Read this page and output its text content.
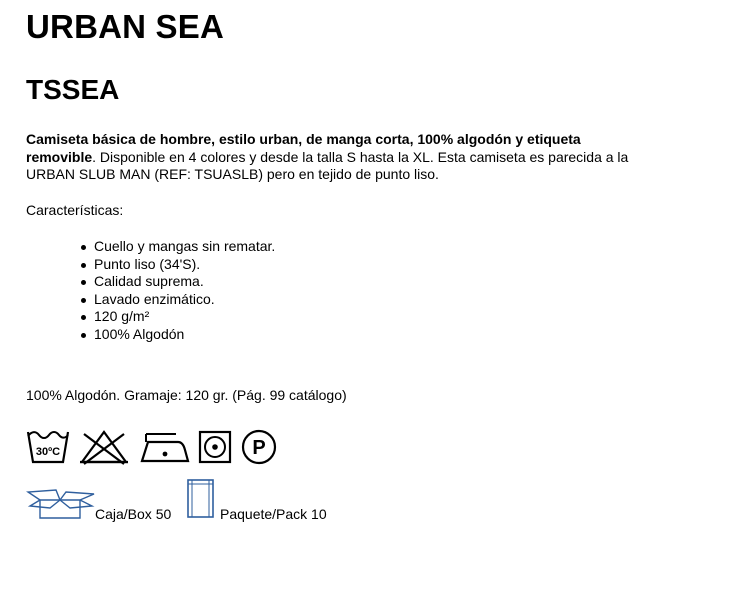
URBAN SEA
TSSEA

Camiseta básica de hombre, estilo urban, de manga corta, 100% algodón y etiqueta removible. Disponible en 4 colores y desde la talla S hasta la XL. Esta camiseta es parecida a la URBAN SLUB MAN (REF: TSUASLB) pero en tejido de punto liso.

Características:

Cuello y mangas sin rematar.
Punto liso (34'S).
Calidad suprema.
Lavado enzimático.
120 g/m²
100% Algodón

100% Algodón. Gramaje: 120 gr. (Pág. 99 catálogo)

30ºC	P
Caja/Box 50	Paquete/Pack 10
